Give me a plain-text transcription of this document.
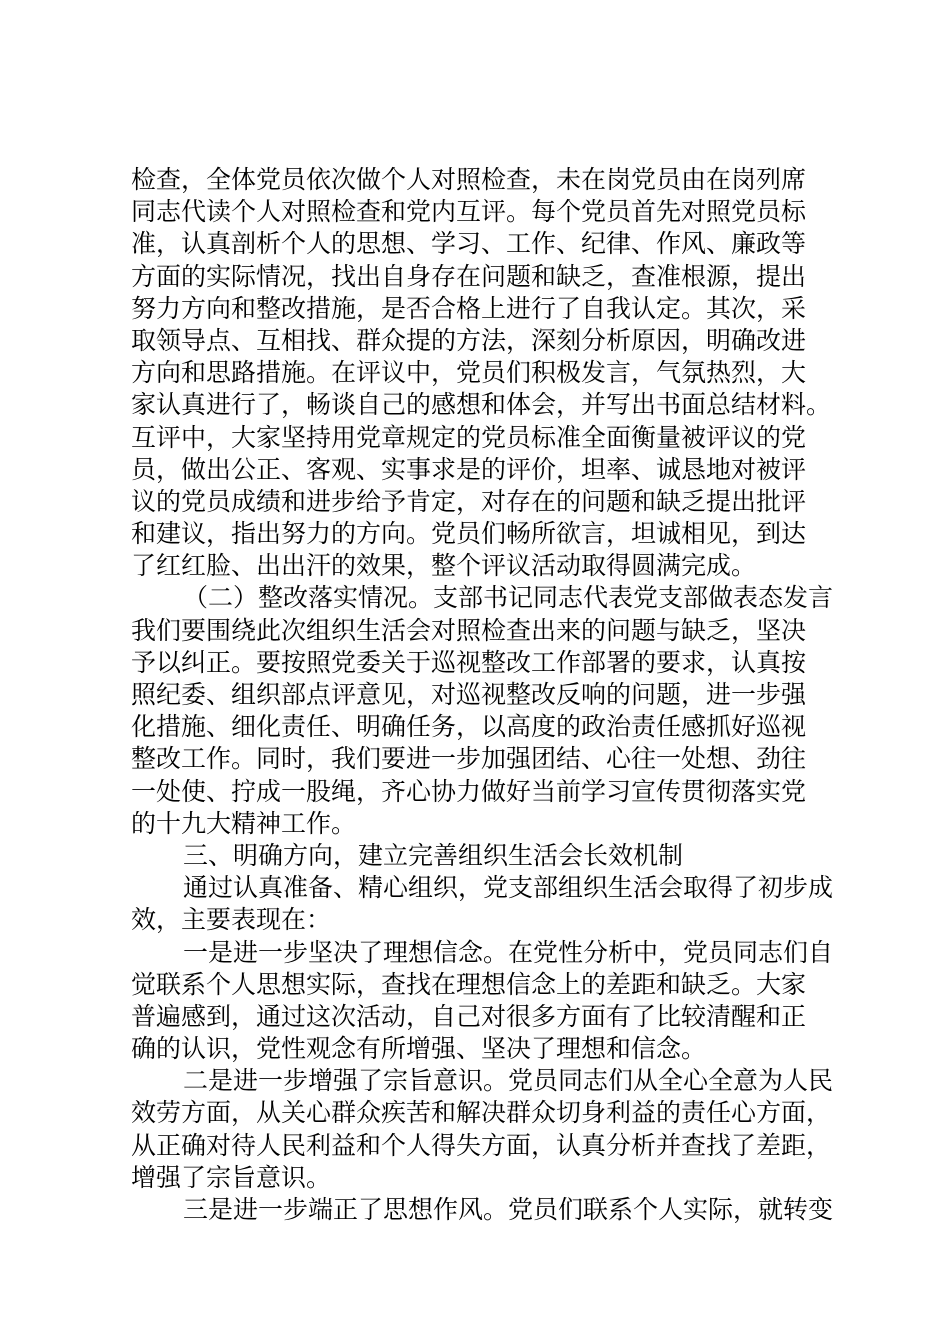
检查，全体党员依次做个人对照检查，未在岗党员由在岗列席
同志代读个人对照检查和党内互评。每个党员首先对照党员标
准，认真剖析个人的思想、学习、工作、纪律、作风、廉政等
方面的实际情况，找出自身存在问题和缺乏，查准根源，提出
努力方向和整改措施，是否合格上进行了自我认定。其次，采
取领导点、互相找、群众提的方法，深刻分析原因，明确改进
方向和思路措施。在评议中，党员们积极发言，气氛热烈，大
家认真进行了，畅谈自己的感想和体会，并写出书面总结材料。
互评中，大家坚持用党章规定的党员标准全面衡量被评议的党
员，做出公正、客观、实事求是的评价，坦率、诚恳地对被评
议的党员成绩和进步给予肯定，对存在的问题和缺乏提出批评
和建议，指出努力的方向。党员们畅所欲言，坦诚相见，到达
了红红脸、出出汗的效果，整个评议活动取得圆满完成。
（二）整改落实情况。支部书记同志代表党支部做表态发言
我们要围绕此次组织生活会对照检查出来的问题与缺乏，坚决
予以纠正。要按照党委关于巡视整改工作部署的要求，认真按
照纪委、组织部点评意见，对巡视整改反响的问题，进一步强
化措施、细化责任、明确任务，以高度的政治责任感抓好巡视
整改工作。同时，我们要进一步加强团结、心往一处想、劲往
一处使、拧成一股绳，齐心协力做好当前学习宣传贯彻落实党
的十九大精神工作。
三、明确方向，建立完善组织生活会长效机制
通过认真准备、精心组织，党支部组织生活会取得了初步成
效，主要表现在：
一是进一步坚决了理想信念。在党性分析中，党员同志们自
觉联系个人思想实际，查找在理想信念上的差距和缺乏。大家
普遍感到，通过这次活动，自己对很多方面有了比较清醒和正
确的认识，党性观念有所增强、坚决了理想和信念。
二是进一步增强了宗旨意识。党员同志们从全心全意为人民
效劳方面，从关心群众疾苦和解决群众切身利益的责任心方面，
从正确对待人民利益和个人得失方面，认真分析并查找了差距，
增强了宗旨意识。
三是进一步端正了思想作风。党员们联系个人实际，就转变
